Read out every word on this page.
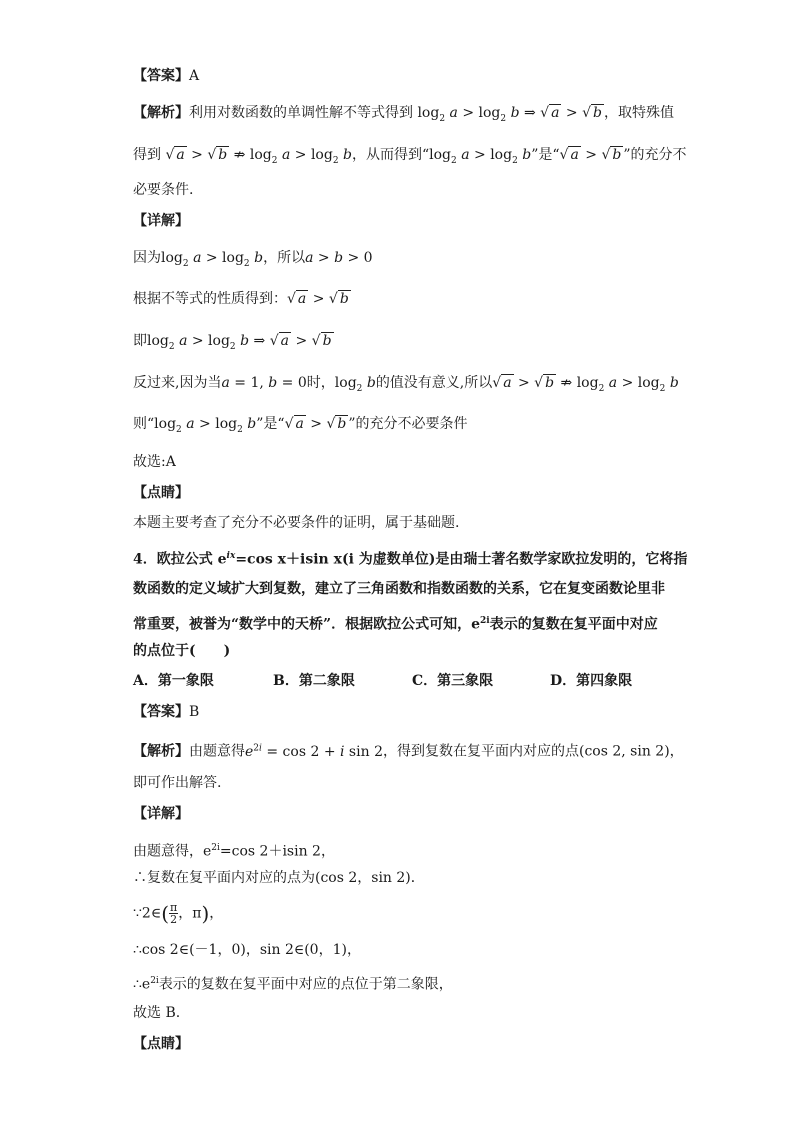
【答案】A
【解析】利用对数函数的单调性解不等式得到 $\log_2 a > \log_2 b$ ⇒ √ a > √ b ，取特殊值
得到 √ a > √ b ⇏ $\log_2 a > \log_2 b$，从而得到“$\log_2$ $a > \log_2 b$”是“√ a > √ b ”的充分不
必要条件.
【详解】
因为$\log_2 a > \log_2 b$，所以a > b > 0
根据不等式的性质得到：√ a > √ b
即$\log_2 a > \log_2 b$ ⇒ √ a > √ b
反过来,因为当a = 1, b = 0时，$\log_2 b$的值没有意义,所以√ a > √ b ⇏ $\log_2 a > \log_2 b$
则“$\log_2$ $a > \log_2 b$”是“√ a > √ b ”的充分不必要条件
故选:A
【点睛】
本题主要考查了充分不必要条件的证明，属于基础题.
4．欧拉公式 $e^{ix}=\cos$ x＋isin x(i 为虚数单位)是由瑞士著名数学家欧拉发明的，它将指
数函数的定义域扩大到复数，建立了三角函数和指数函数的关系，它在复变函数论里非
常重要，被誉为“数学中的天桥”．根据欧拉公式可知，$e^{2i}$表示的复数在复平面中对应
的点位于(　　)
A．第一象限	B．第二象限	C．第三象限	D．第四象限
【答案】B
【解析】由题意得$e^{2i} = \cos 2 + i$ sin 2，得到复数在复平面内对应的点(cos 2, sin 2)，
即可作出解答.
【详解】
由题意得，$e^{2i}=\cos$ 2＋isin 2，
∴复数在复平面内对应的点为(cos 2，sin 2)．
∵2∈( $\frac{\pi}{2}$ ，π)，
∴cos 2∈(－1，0)，sin 2∈(0，1)，
$\therefore e^{2i}$表示的复数在复平面中对应的点位于第二象限，
故选 B.
【点睛】
